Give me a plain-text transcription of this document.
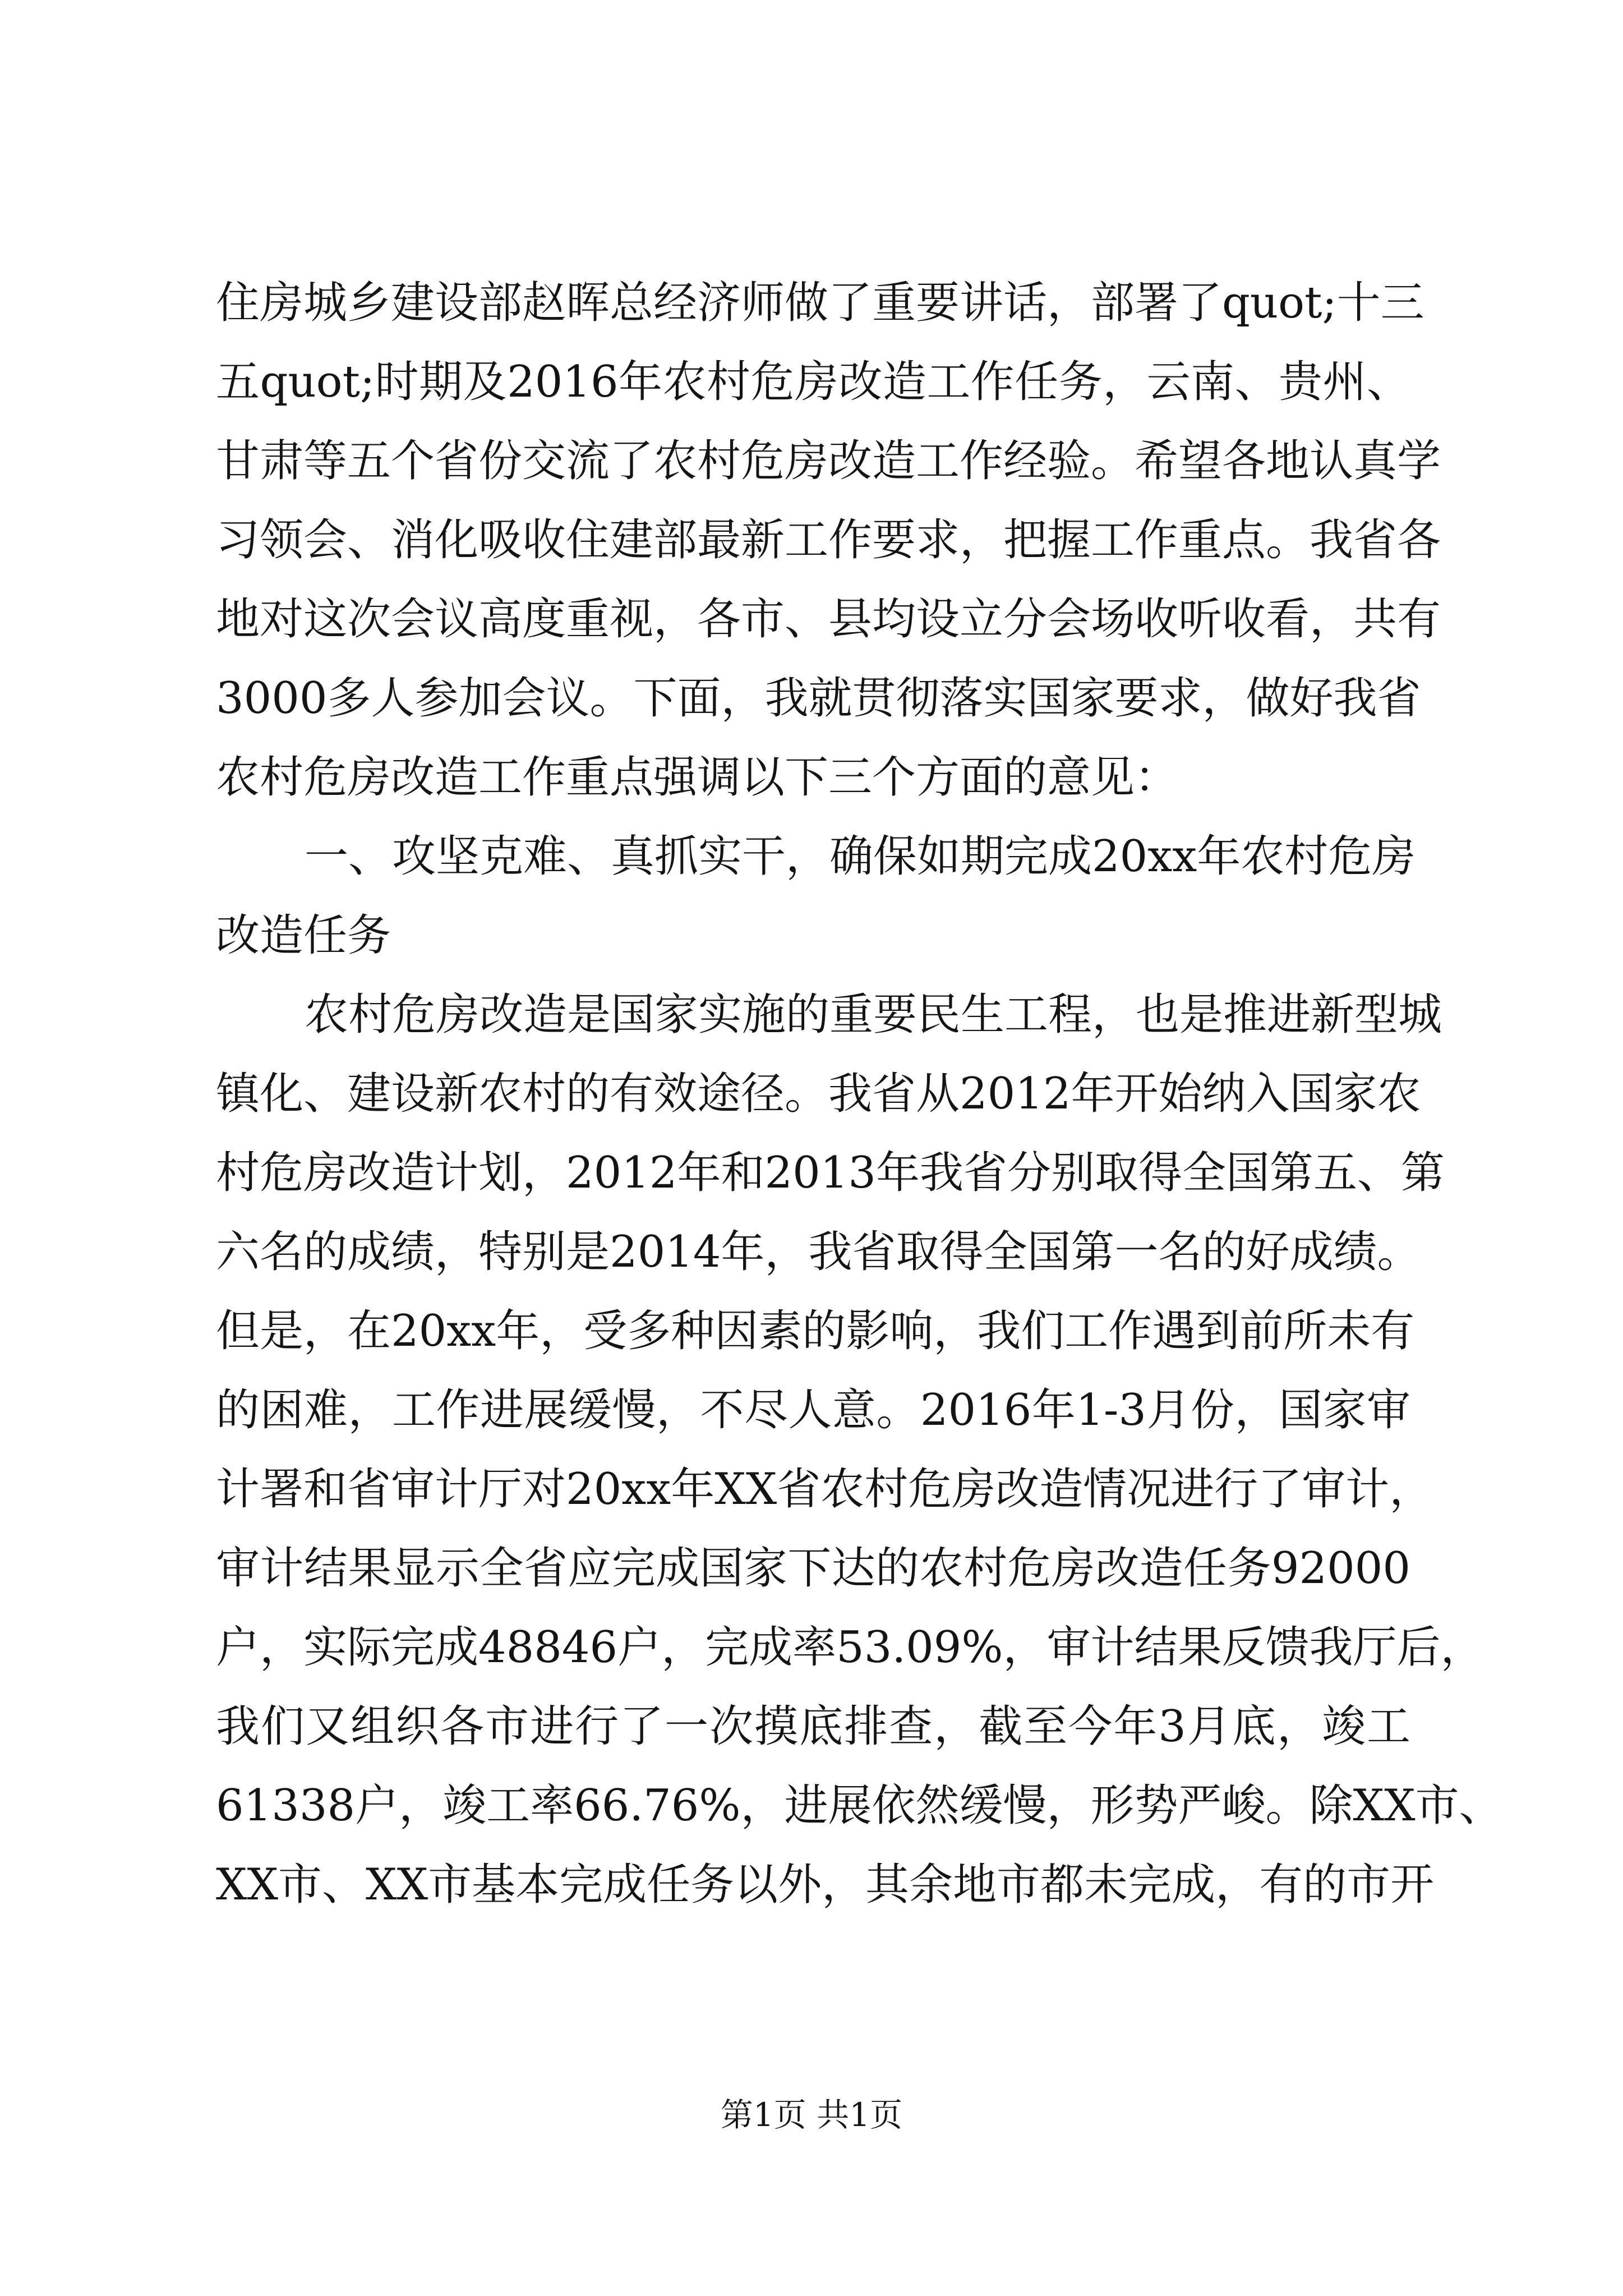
住房城乡建设部赵晖总经济师做了重要讲话，部署了quot;十三
五quot;时期及2016年农村危房改造工作任务，云南、贵州、
甘肃等五个省份交流了农村危房改造工作经验。希望各地认真学
习领会、消化吸收住建部最新工作要求，把握工作重点。我省各
地对这次会议高度重视，各市、县均设立分会场收听收看，共有
3000多人参加会议。下面，我就贯彻落实国家要求，做好我省
农村危房改造工作重点强调以下三个方面的意见：
一、攻坚克难、真抓实干，确保如期完成20xx年农村危房
改造任务
农村危房改造是国家实施的重要民生工程，也是推进新型城
镇化、建设新农村的有效途径。我省从2012年开始纳入国家农
村危房改造计划，2012年和2013年我省分别取得全国第五、第
六名的成绩，特别是2014年，我省取得全国第一名的好成绩。
但是，在20xx年，受多种因素的影响，我们工作遇到前所未有
的困难，工作进展缓慢，不尽人意。2016年1-3月份，国家审
计署和省审计厅对20xx年XX省农村危房改造情况进行了审计，
审计结果显示全省应完成国家下达的农村危房改造任务92000
户，实际完成48846户，完成率53.09%，审计结果反馈我厅后，
我们又组织各市进行了一次摸底排查，截至今年3月底，竣工
61338户，竣工率66.76%，进展依然缓慢，形势严峻。除XX市、
XX市、XX市基本完成任务以外，其余地市都未完成，有的市开
第1页 共1页
